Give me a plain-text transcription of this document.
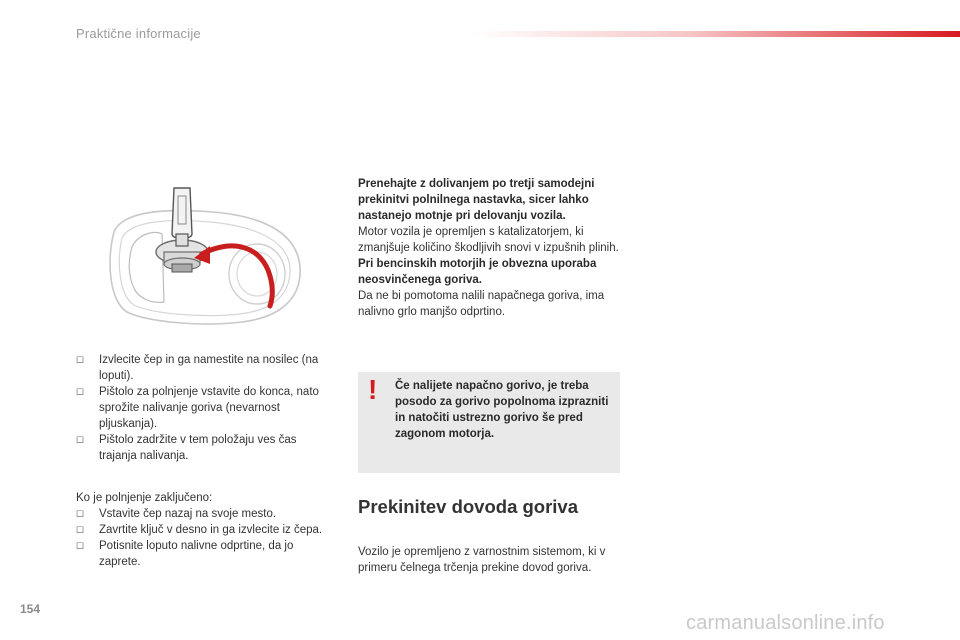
Praktične informacije

☐ Izvlecite čep in ga namestite na nosilec (na loputi).

☐ Pištolo za polnjenje vstavite do konca, nato sprožite nalivanje goriva (nevarnost pljuskanja).

☐ Pištolo zadržite v tem položaju ves čas trajanja nalivanja.

Ko je polnjenje zaključeno:

☐ Vstavite čep nazaj na svoje mesto.

☐ Zavrtite ključ v desno in ga izvlecite iz čepa.

☐ Potisnite loputo nalivne odprtine, da jo zaprete.

Prenehajte z dolivanjem po tretji samodejni prekinitvi polnilnega nastavka, sicer lahko nastanejo motnje pri delovanju vozila.

Motor vozila je opremljen s katalizatorjem, ki zmanjšuje količino škodljivih snovi v izpušnih plinih.

Pri bencinskih motorjih je obvezna uporaba neosvinčenega goriva.

Da ne bi pomotoma nalili napačnega goriva, ima nalivno grlo manjšo odprtino.

! Če nalijete napačno gorivo, je treba posodo za gorivo popolnoma izprazniti in natočiti ustrezno gorivo še pred zagonom motorja.
Prekinitev dovoda goriva
Vozilo je opremljeno z varnostnim sistemom, ki v primeru čelnega trčenja prekine dovod goriva.
154
carmanualsonline.info
